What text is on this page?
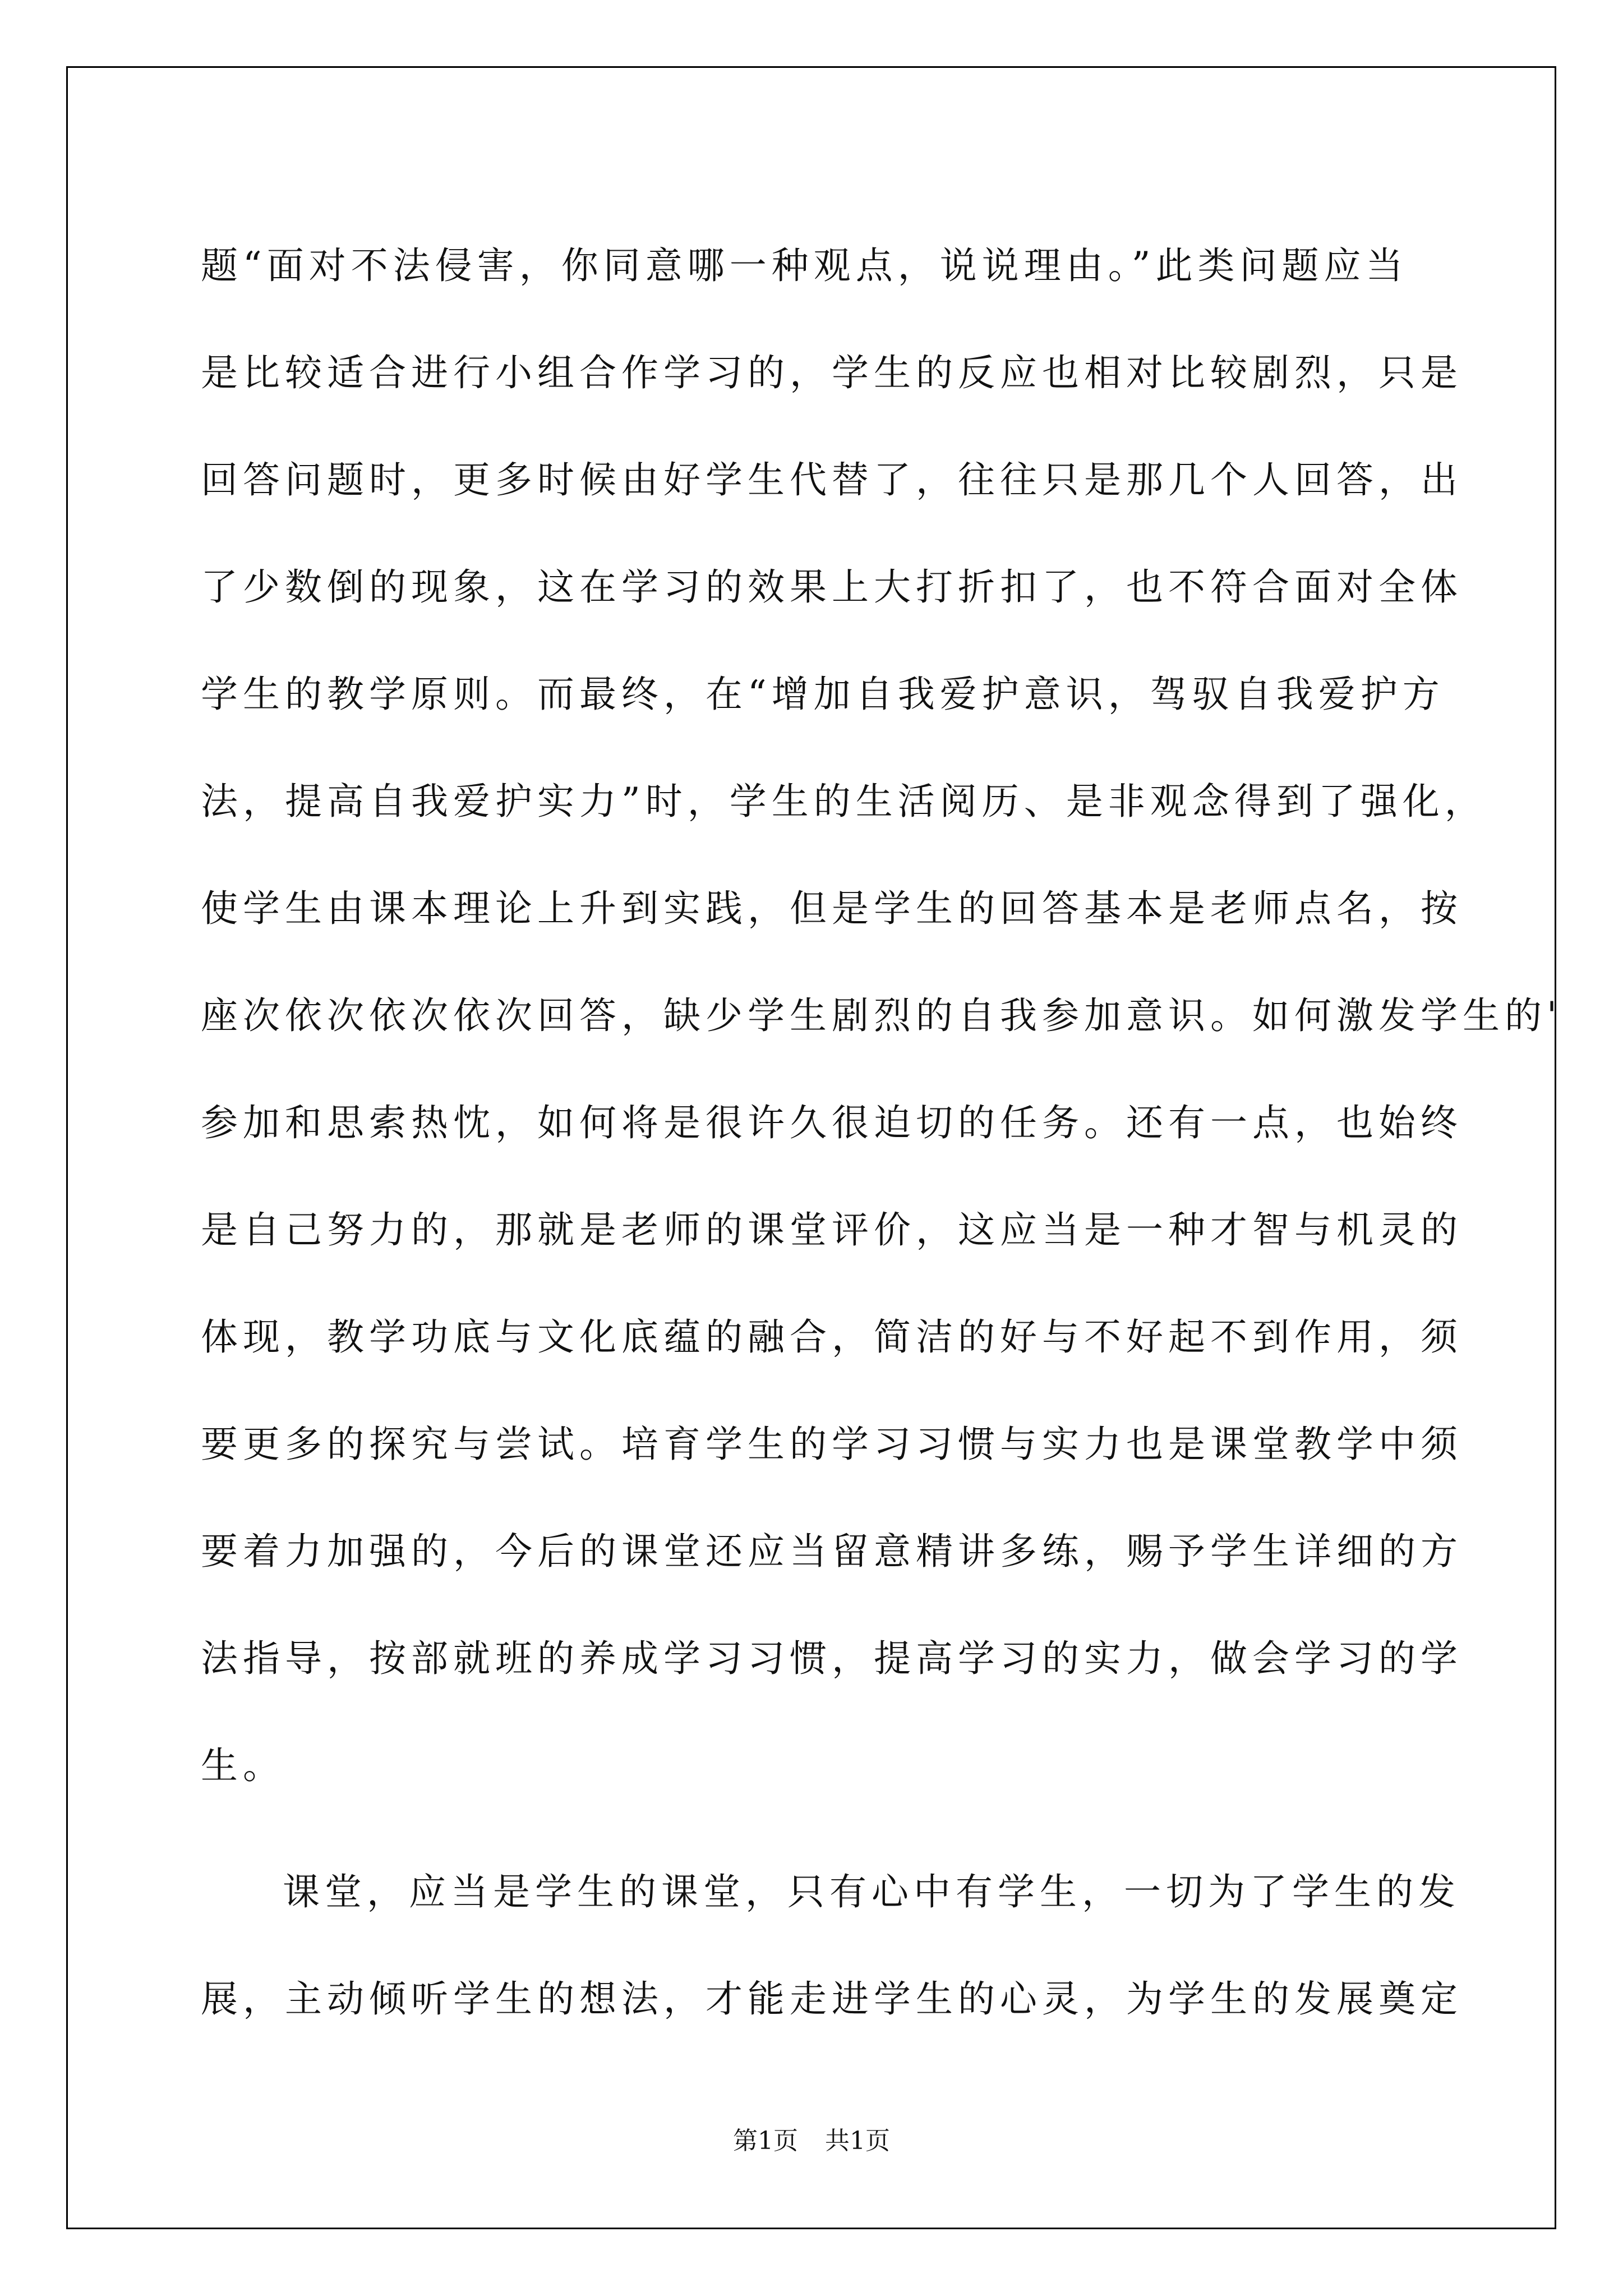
题“面对不法侵害，你同意哪一种观点，说说理由。”此类问题应当
是比较适合进行小组合作学习的，学生的反应也相对比较剧烈，只是
回答问题时，更多时候由好学生代替了，往往只是那几个人回答，出
了少数倒的现象，这在学习的效果上大打折扣了，也不符合面对全体
学生的教学原则。而最终，在“增加自我爱护意识，驾驭自我爱护方
法，提高自我爱护实力”时，学生的生活阅历、是非观念得到了强化，
使学生由课本理论上升到实践，但是学生的回答基本是老师点名，按
座次依次依次依次回答，缺少学生剧烈的自我参加意识。如何激发学生的'
参加和思索热忱，如何将是很许久很迫切的任务。还有一点，也始终
是自己努力的，那就是老师的课堂评价，这应当是一种才智与机灵的
体现，教学功底与文化底蕴的融合，简洁的好与不好起不到作用，须
要更多的探究与尝试。培育学生的学习习惯与实力也是课堂教学中须
要着力加强的，今后的课堂还应当留意精讲多练，赐予学生详细的方
法指导，按部就班的养成学习习惯，提高学习的实力，做会学习的学
生。
课堂，应当是学生的课堂，只有心中有学生，一切为了学生的发
展，主动倾听学生的想法，才能走进学生的心灵，为学生的发展奠定
第1页 共1页
